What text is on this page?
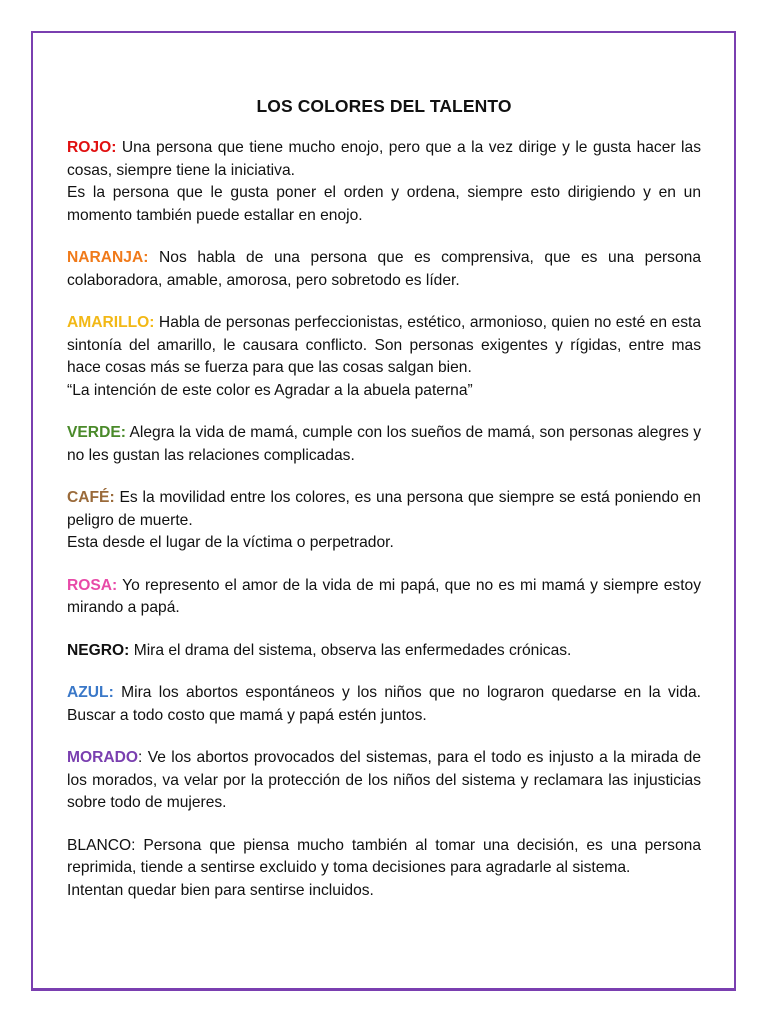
LOS COLORES DEL TALENTO

ROJO: Una persona que tiene mucho enojo, pero que a la vez dirige y le gusta hacer las cosas, siempre tiene la iniciativa.

Es la persona que le gusta poner el orden y ordena, siempre esto dirigiendo y en un momento también puede estallar en enojo.

NARANJA: Nos habla de una persona que es comprensiva, que es una persona colaboradora, amable, amorosa, pero sobretodo es líder.

AMARILLO: Habla de personas perfeccionistas, estético, armonioso, quien no esté en esta sintonía del amarillo, le causara conflicto. Son personas exigentes y rígidas, entre mas hace cosas más se fuerza para que las cosas salgan bien.

“La intención de este color es Agradar a la abuela paterna”

VERDE: Alegra la vida de mamá, cumple con los sueños de mamá, son personas alegres y no les gustan las relaciones complicadas.

CAFÉ: Es la movilidad entre los colores, es una persona que siempre se está poniendo en peligro de muerte.

Esta desde el lugar de la víctima o perpetrador.

ROSA: Yo represento el amor de la vida de mi papá, que no es mi mamá y siempre estoy mirando a papá.

NEGRO: Mira el drama del sistema, observa las enfermedades crónicas.

AZUL: Mira los abortos espontáneos y los niños que no lograron quedarse en la vida. Buscar a todo costo que mamá y papá estén juntos.

MORADO: Ve los abortos provocados del sistemas, para el todo es injusto a la mirada de los morados, va velar por la protección de los niños del sistema y reclamara las injusticias sobre todo de mujeres.

BLANCO: Persona que piensa mucho también al tomar una decisión, es una persona reprimida, tiende a sentirse excluido y toma decisiones para agradarle al sistema.

Intentan quedar bien para sentirse incluidos.
